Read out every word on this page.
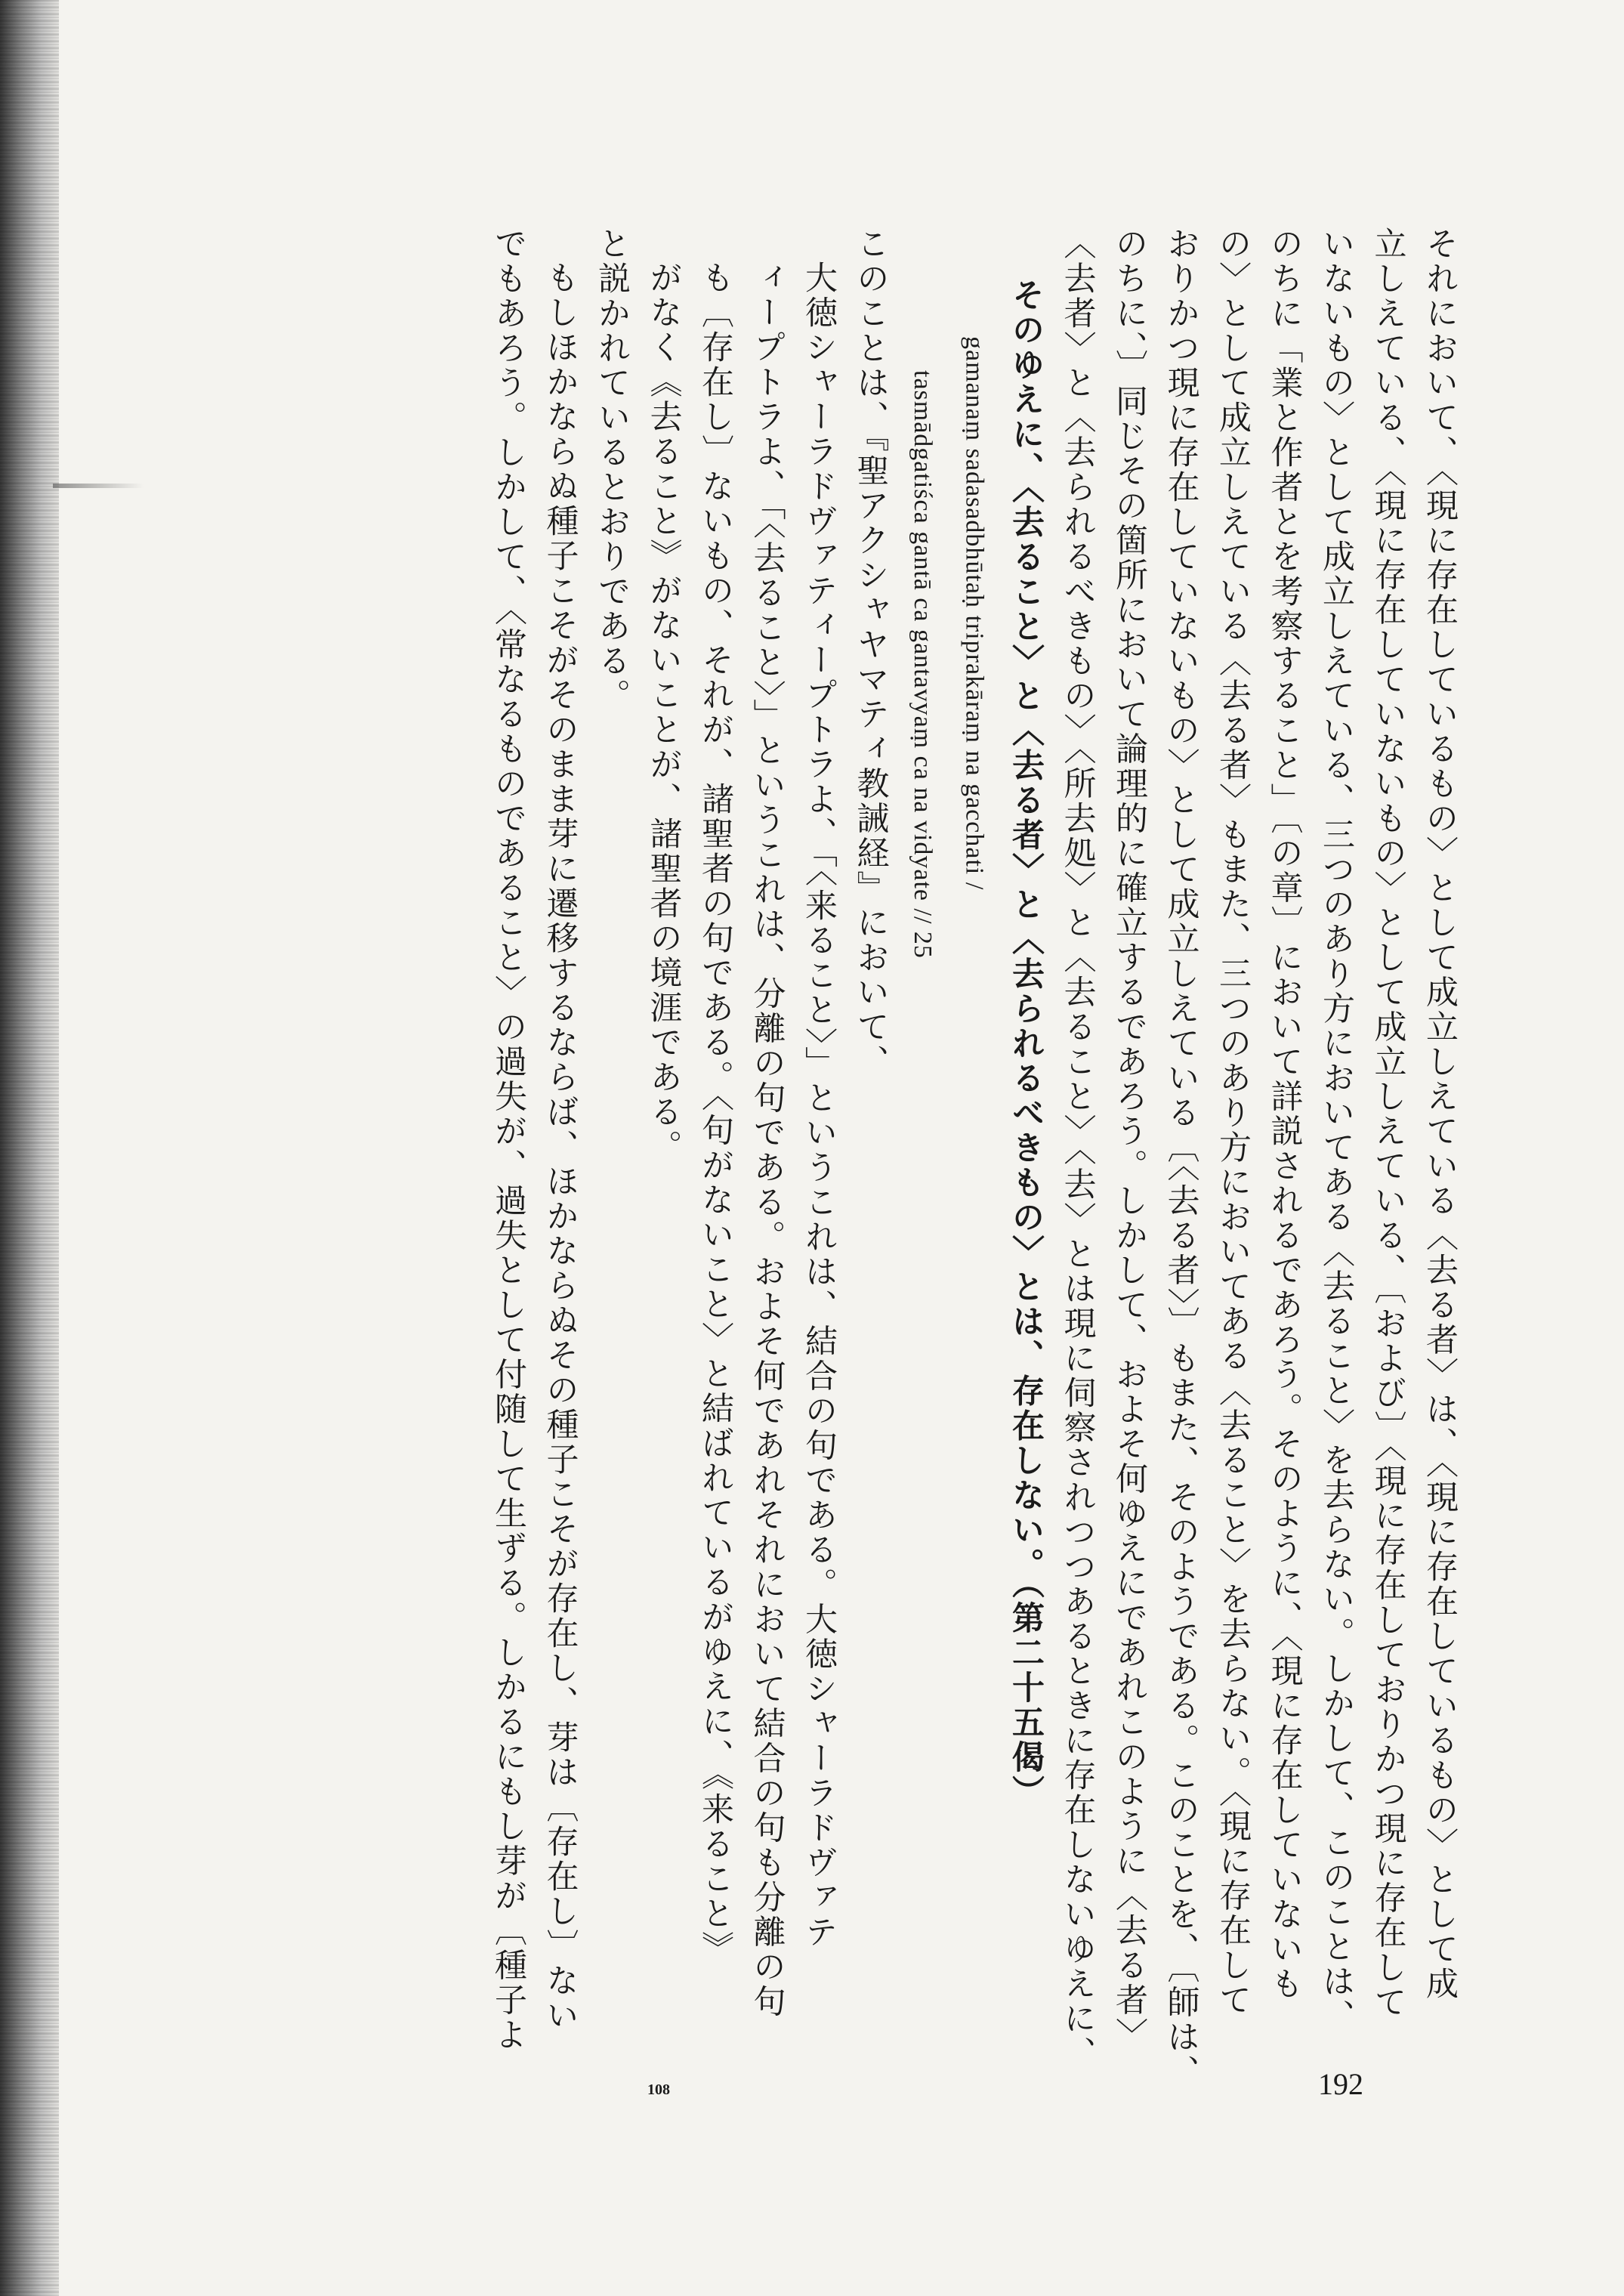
それにおいて、〈現に存在しているもの〉として成立しえている〈去る者〉は、〈現に存在しているもの〉として成

立しえている、〈現に存在していないもの〉として成立しえている、〔および〕〈現に存在しておりかつ現に存在して

いないもの〉として成立しえている、三つのあり方においてある〈去ること〉を去らない。しかして、このことは、

のちに「業と作者とを考察すること」〔の章〕において詳説されるであろう。そのように、〈現に存在していないも

の〉として成立しえている〈去る者〉もまた、三つのあり方においてある〈去ること〉を去らない。〈現に存在して

おりかつ現に存在していないもの〉として成立しえている〔〈去る者〉〕もまた、そのようである。このことを、〔師は、

のちに、〕同じその箇所において論理的に確立するであろう。しかして、およそ何ゆえにであれこのように〈去る者〉

〈去者〉と〈去られるべきもの〉〈所去処〉と〈去ること〉〈去〉とは現に伺察されつつあるときに存在しないゆえに、

そのゆえに、〈去ること〉と〈去る者〉と〈去られるべきもの〉とは、存在しない。（第二十五偈）

gamanaṃ sadasadbhūtaḥ triprakāraṃ na gacchati /

tasmādgatiśca gantā ca gantavyaṃ ca na vidyate // 25

このことは、『聖アクシャヤマティ教誡経』において、

大徳シャーラドヴァティープトラよ、「〈来ること〉」というこれは、結合の句である。大徳シャーラドヴァテ

ィープトラよ、「〈去ること〉」というこれは、分離の句である。およそ何であれそれにおいて結合の句も分離の句

も〔存在し〕ないもの、それが、諸聖者の句である。〈句がないこと〉と結ばれているがゆえに、《来ること》

がなく《去ること》がないことが、諸聖者の境涯である。

と説かれているとおりである。

もしほかならぬ種子こそがそのまま芽に遷移するならば、ほかならぬその種子こそが存在し、芽は〔存在し〕ない

でもあろう。しかして、〈常なるものであること〉の過失が、過失として付随して生ずる。しかるにもし芽が〔種子よ

192
108
